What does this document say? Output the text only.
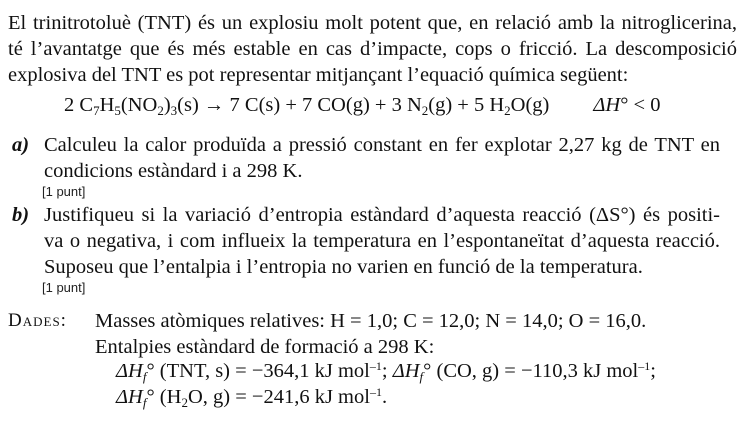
El trinitrotoluè (TNT) és un explosiu molt potent que, en relació amb la nitroglicerina,
té l’avantatge que és més estable en cas d’impacte, cops o fricció. La descomposició
explosiva del TNT es pot representar mitjançant l’equació química següent:
2 $C_7H_5(NO_2)_3(s) \to 7$ C(s) + 7 CO(g) + 3 $N_2(g) + 5$ $H_2O(g) \Delta H^\circ < 0$
a) Calculeu la calor produïda a pressió constant en fer explotar 2,27 kg de TNT en
condicions estàndard i a 298 K.
[1 punt]
b) Justifiqueu si la variació d’entropia estàndard d’aquesta reacció (ΔS°) és positi-
va o negativa, i com influeix la temperatura en l’espontaneïtat d’aquesta reacció.
Suposeu que l’entalpia i l’entropia no varien en funció de la temperatura.
[1 punt]
Dades: Masses atòmiques relatives: H = 1,0; C = 12,0; N = 14,0; O = 16,0.
Entalpies estàndard de formació a 298 K:
$\Delta H_f^\circ$ (TNT, s) = −364,1 kJ mol$^{-1}$; $\Delta H_f^\circ$ (CO, g) = −110,3 kJ mol$^{-1}$;
$\Delta H_f^\circ$ ($H_2O$, g) = −241,6 kJ mol$^{-1}$.
